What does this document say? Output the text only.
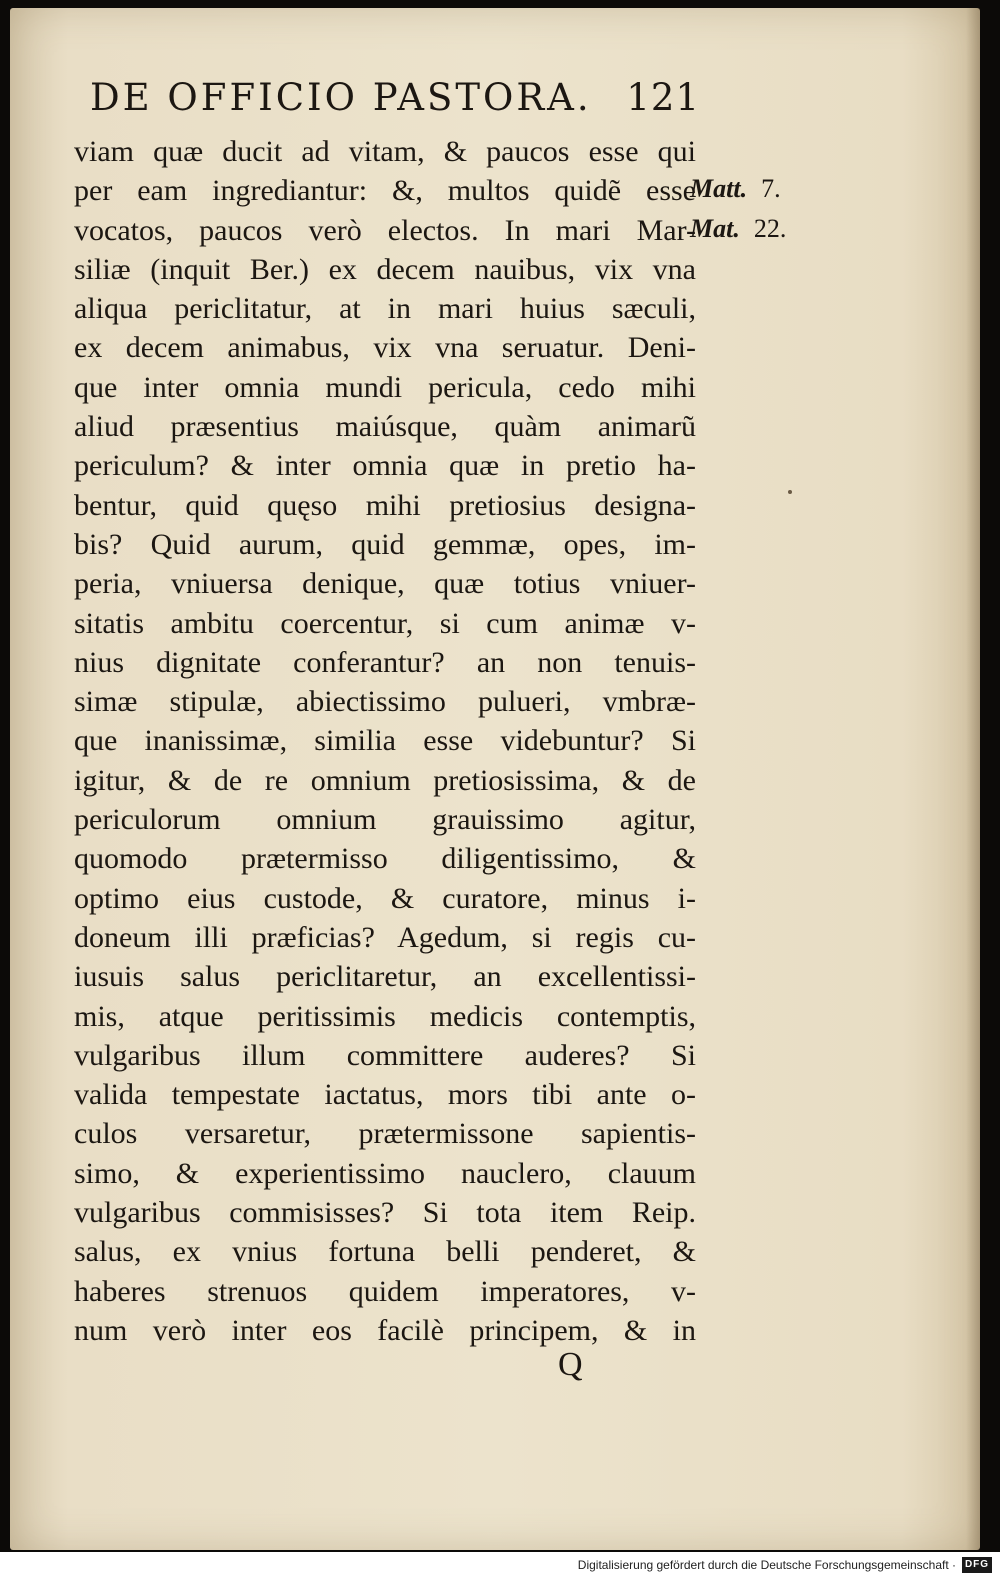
DE OFFICIO PASTORA. 121
viam quæ ducit ad vitam, & paucos esse qui
per eam ingrediantur: &, multos quidẽ esse
vocatos, paucos verò electos. In mari Mar-
siliæ (inquit Ber.) ex decem nauibus, vix vna
aliqua periclitatur, at in mari huius sæculi,
ex decem animabus, vix vna seruatur. Deni-
que inter omnia mundi pericula, cedo mihi
aliud præsentius maiúsque, quàm animarũ
periculum? & inter omnia quæ in pretio ha-
bentur, quid quęso mihi pretiosius designa-
bis? Quid aurum, quid gemmæ, opes, im-
peria, vniuersa denique, quæ totius vniuer-
sitatis ambitu coercentur, si cum animæ v-
nius dignitate conferantur? an non tenuis-
simæ stipulæ, abiectissimo pulueri, vmbræ-
que inanissimæ, similia esse videbuntur? Si
igitur, & de re omnium pretiosissima, & de
periculorum omnium grauissimo agitur,
quomodo prætermisso diligentissimo, &
optimo eius custode, & curatore, minus i-
doneum illi præficias? Agedum, si regis cu-
iusuis salus periclitaretur, an excellentissi-
mis, atque peritissimis medicis contemptis,
vulgaribus illum committere auderes? Si
valida tempestate iactatus, mors tibi ante o-
culos versaretur, prætermissone sapientis-
simo, & experientissimo nauclero, clauum
vulgaribus commisisses? Si tota item Reip.
salus, ex vnius fortuna belli penderet, &
haberes strenuos quidem imperatores, v-
num verò inter eos facilè principem, & in
Matt. 7.
Mat. 22.
Q
Digitalisierung gefördert durch die Deutsche Forschungsgemeinschaft · DFG
